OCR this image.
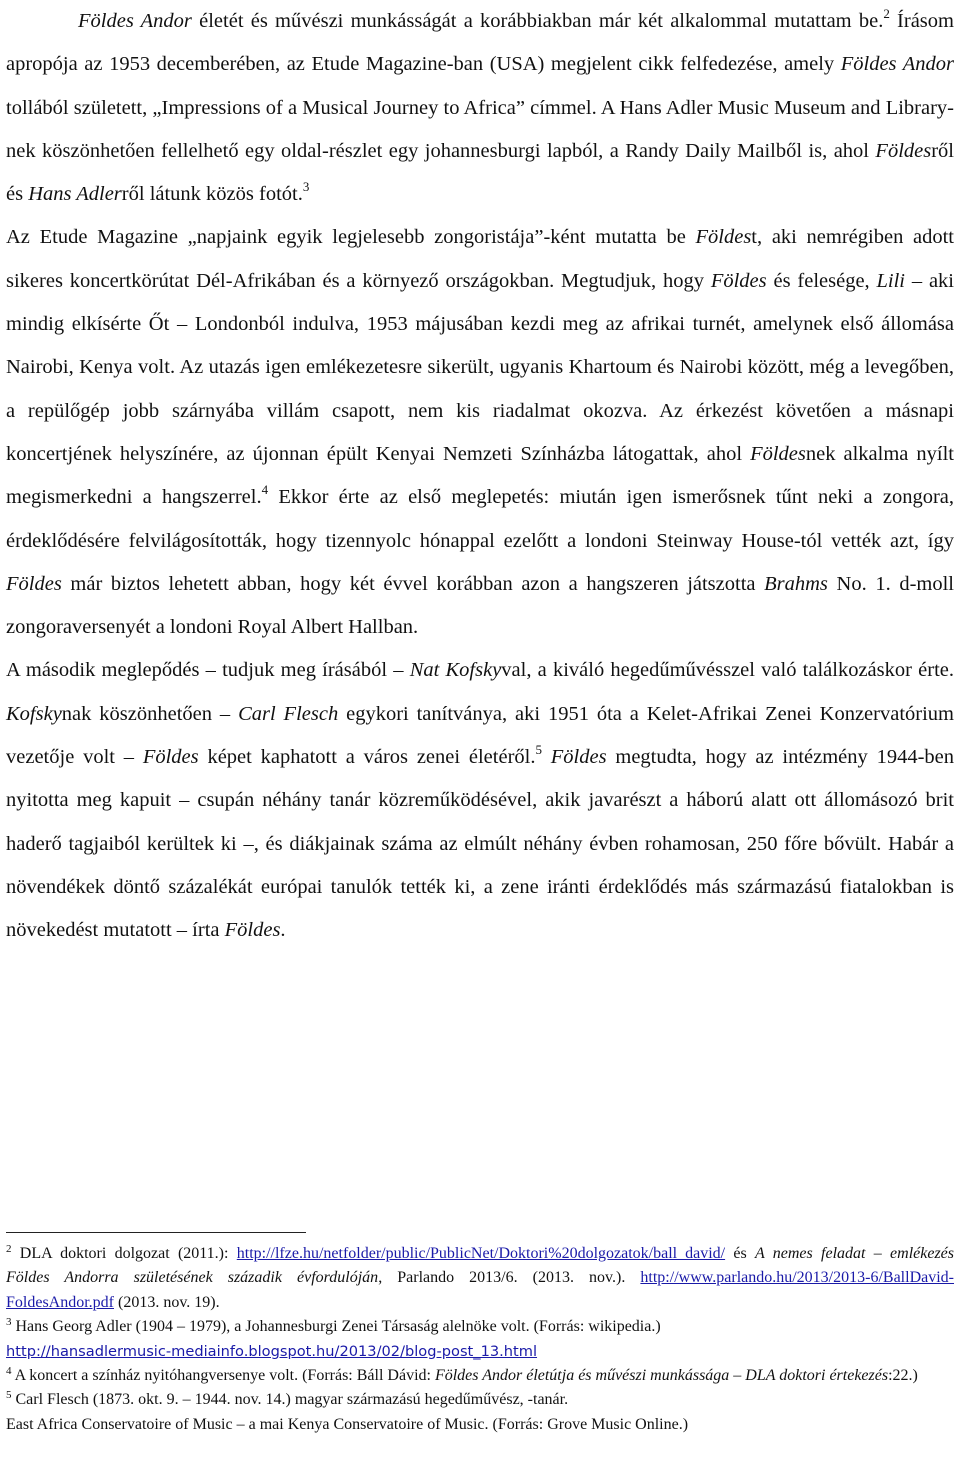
Földes Andor életét és művészi munkásságát a korábbiakban már két alkalommal mutattam be.$^2$ Írásom apropója az 1953 decemberében, az Etude Magazine-ban (USA) megjelent cikk felfedezése, amely Földes Andor tollából született, „Impressions of a Musical Journey to Africa” címmel. A Hans Adler Music Museum and Library-nek köszönhetően fellelhető egy oldal-részlet egy johannesburgi lapból, a Randy Daily Mailből is, ahol Földesről és Hans Adlerről látunk közös fotót.$^3$

Az Etude Magazine „napjaink egyik legjelesebb zongoristája”-ként mutatta be Földest, aki nemrégiben adott sikeres koncertkörútat Dél-Afrikában és a környező országokban. Megtudjuk, hogy Földes és felesége, Lili – aki mindig elkísérte Őt – Londonból indulva, 1953 májusában kezdi meg az afrikai turnét, amelynek első állomása Nairobi, Kenya volt. Az utazás igen emlékezetesre sikerült, ugyanis Khartoum és Nairobi között, még a levegőben, a repülőgép jobb szárnyába villám csapott, nem kis riadalmat okozva. Az érkezést követően a másnapi koncertjének helyszínére, az újonnan épült Kenyai Nemzeti Színházba látogattak, ahol Földesnek alkalma nyílt megismerkedni a hangszerrel.$^4$ Ekkor érte az első meglepetés: miután igen ismerősnek tűnt neki a zongora, érdeklődésére felvilágosították, hogy tizennyolc hónappal ezelőtt a londoni Steinway House-tól vették azt, így Földes már biztos lehetett abban, hogy két évvel korábban azon a hangszeren játszotta Brahms No. 1. d-moll zongoraversenyét a londoni Royal Albert Hallban.

A második meglepődés – tudjuk meg írásából – Nat Kofskyval, a kiváló hegedűművésszel való találkozáskor érte. Kofskynak köszönhetően – Carl Flesch egykori tanítványa, aki 1951 óta a Kelet-Afrikai Zenei Konzervatórium vezetője volt – Földes képet kaphatott a város zenei életéről.$^5$ Földes megtudta, hogy az intézmény 1944-ben nyitotta meg kapuit – csupán néhány tanár közreműködésével, akik javarészt a háború alatt ott állomásozó brit haderő tagjaiból kerültek ki –, és diákjainak száma az elmúlt néhány évben rohamosan, 250 főre bővült. Habár a növendékek döntő százalékát európai tanulók tették ki, a zene iránti érdeklődés más származású fiatalokban is növekedést mutatott – írta Földes.

$^2$ DLA doktori dolgozat (2011.): http://lfze.hu/netfolder/public/PublicNet/Doktori%20dolgozatok/ball_david/ és A nemes feladat – emlékezés Földes Andorra születésének századik évfordulóján, Parlando 2013/6. (2013. nov.). http://www.parlando.hu/2013/2013-6/BallDavid-FoldesAndor.pdf (2013. nov. 19).

$^3$ Hans Georg Adler (1904 – 1979), a Johannesburgi Zenei Társaság alelnöke volt. (Forrás: wikipedia.)
http://hansadlermusic-mediainfo.blogspot.hu/2013/02/blog-post_13.html

$^4$ A koncert a színház nyitóhangversenye volt. (Forrás: Báll Dávid: Földes Andor életútja és művészi munkássága – DLA doktori értekezés:22.)

$^5$ Carl Flesch (1873. okt. 9. – 1944. nov. 14.) magyar származású hegedűművész, -tanár.
East Africa Conservatoire of Music – a mai Kenya Conservatoire of Music. (Forrás: Grove Music Online.)
